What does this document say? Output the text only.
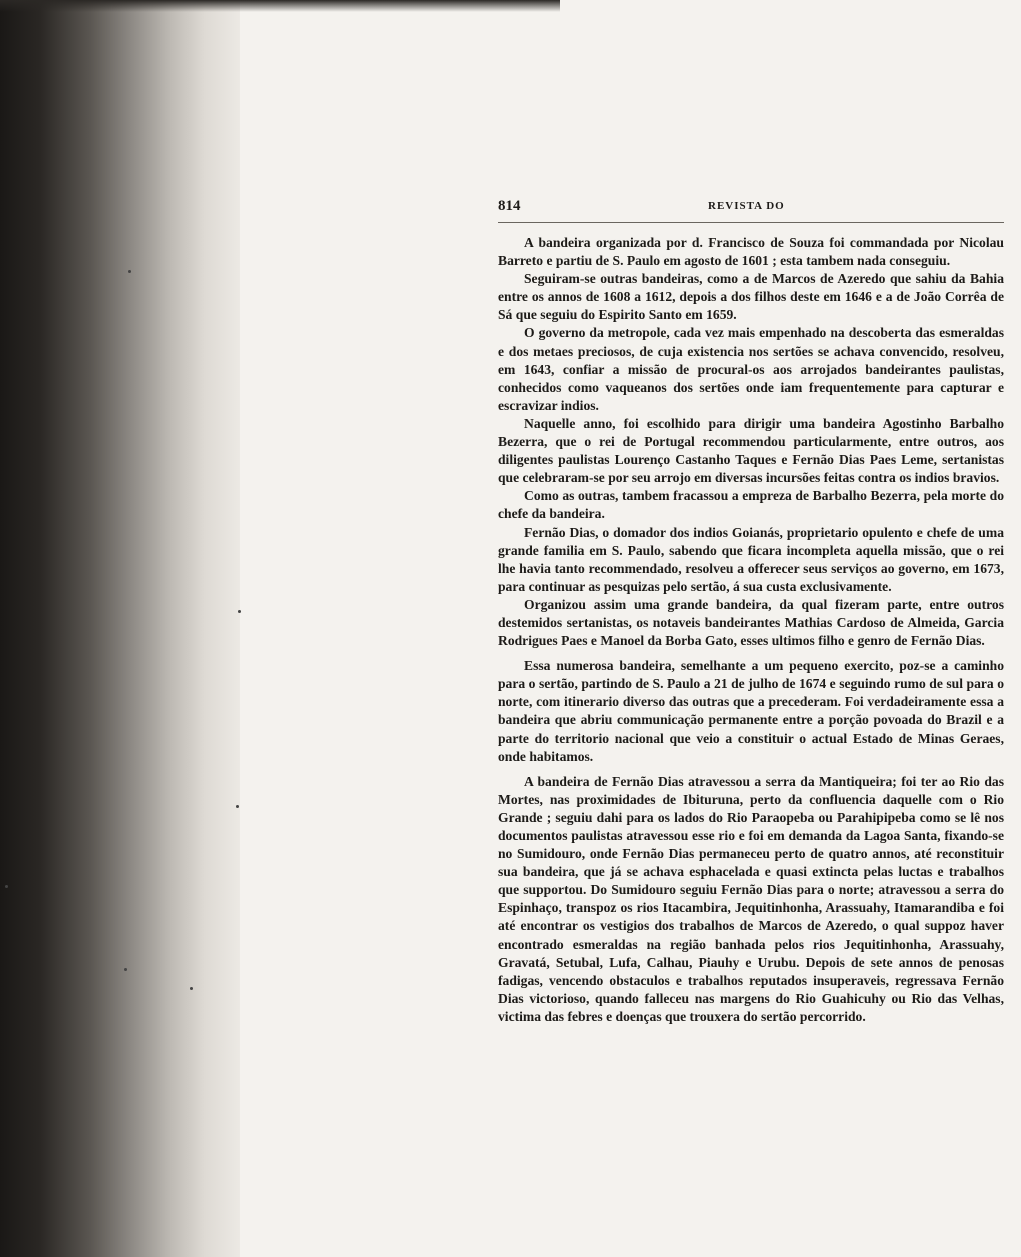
814	REVISTA DO

A bandeira organizada por d. Francisco de Souza foi commandada por Nicolau Barreto e partiu de S. Paulo em agosto de 1601 ; esta tambem nada conseguiu.

Seguiram-se outras bandeiras, como a de Marcos de Azeredo que sahiu da Bahia entre os annos de 1608 a 1612, depois a dos filhos deste em 1646 e a de João Corrêa de Sá que seguiu do Espirito Santo em 1659.

O governo da metropole, cada vez mais empenhado na descoberta das esmeraldas e dos metaes preciosos, de cuja existencia nos sertões se achava convencido, resolveu, em 1643, confiar a missão de procural-os aos arrojados bandeirantes paulistas, conhecidos como vaqueanos dos sertões onde iam frequentemente para capturar e escravizar indios.

Naquelle anno, foi escolhido para dirigir uma bandeira Agostinho Barbalho Bezerra, que o rei de Portugal recommendou particularmente, entre outros, aos diligentes paulistas Lourenço Castanho Taques e Fernão Dias Paes Leme, sertanistas que celebraram-se por seu arrojo em diversas incursões feitas contra os indios bravios.

Como as outras, tambem fracassou a empreza de Barbalho Bezerra, pela morte do chefe da bandeira.

Fernão Dias, o domador dos indios Goianás, proprietario opulento e chefe de uma grande familia em S. Paulo, sabendo que ficara incompleta aquella missão, que o rei lhe havia tanto recommendado, resolveu a offerecer seus serviços ao governo, em 1673, para continuar as pesquizas pelo sertão, á sua custa exclusivamente.

Organizou assim uma grande bandeira, da qual fizeram parte, entre outros destemidos sertanistas, os notaveis bandeirantes Mathias Cardoso de Almeida, Garcia Rodrigues Paes e Manoel da Borba Gato, esses ultimos filho e genro de Fernão Dias.

Essa numerosa bandeira, semelhante a um pequeno exercito, poz-se a caminho para o sertão, partindo de S. Paulo a 21 de julho de 1674 e seguindo rumo de sul para o norte, com itinerario diverso das outras que a precederam. Foi verdadeiramente essa a bandeira que abriu communicação permanente entre a porção povoada do Brazil e a parte do territorio nacional que veio a constituir o actual Estado de Minas Geraes, onde habitamos.

A bandeira de Fernão Dias atravessou a serra da Mantiqueira; foi ter ao Rio das Mortes, nas proximidades de Ibituruna, perto da confluencia daquelle com o Rio Grande ; seguiu dahi para os lados do Rio Paraopeba ou Parahipipeba como se lê nos documentos paulistas atravessou esse rio e foi em demanda da Lagoa Santa, fixando-se no Sumidouro, onde Fernão Dias permaneceu perto de quatro annos, até reconstituir sua bandeira, que já se achava esphacelada e quasi extincta pelas luctas e trabalhos que supportou. Do Sumidouro seguiu Fernão Dias para o norte; atravessou a serra do Espinhaço, transpoz os rios Itacambira, Jequitinhonha, Arassuahy, Itamarandiba e foi até encontrar os vestigios dos trabalhos de Marcos de Azeredo, o qual suppoz haver encontrado esmeraldas na região banhada pelos rios Jequitinhonha, Arassuahy, Gravatá, Setubal, Lufa, Calhau, Piauhy e Urubu. Depois de sete annos de penosas fadigas, vencendo obstaculos e trabalhos reputados insuperaveis, regressava Fernão Dias victorioso, quando falleceu nas margens do Rio Guahicuhy ou Rio das Velhas, victima das febres e doenças que trouxera do sertão percorrido.
